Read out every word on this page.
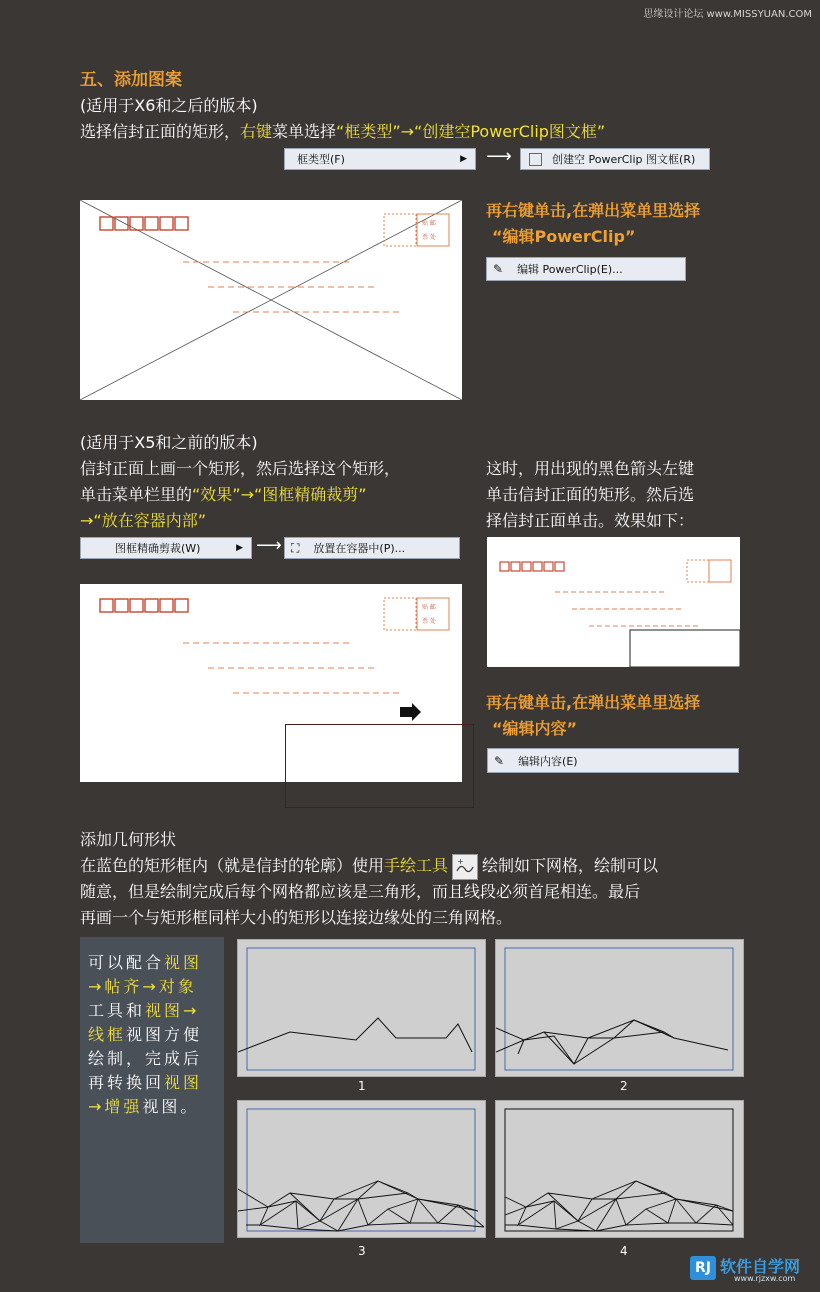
思缘设计论坛 www.MISSYUAN.COM
五、添加图案
(适用于X6和之后的版本)
选择信封正面的矩形，右键菜单选择“框类型”→“创建空PowerClip图文框”
框类型(F)	▶ ⟶	创建空 PowerClip 图文框(R)
贴 邮
票 处
再右键单击,在弹出菜单里选择
“编辑PowerClip”
✎ 编辑 PowerClip(E)...
(适用于X5和之前的版本)
信封正面上画一个矩形，然后选择这个矩形，
单击菜单栏里的“效果”→“图框精确裁剪”
→“放在容器内部”
这时，用出现的黑色箭头左键
单击信封正面的矩形。然后选
择信封正面单击。效果如下：
图框精确剪裁(W)	▶ ⟶ ⛶ 放置在容器中(P)...
贴 邮
票 处
再右键单击,在弹出菜单里选择
“编辑内容”
✎ 编辑内容(E)
添加几何形状
在蓝色的矩形框内（就是信封的轮廓）使用手绘工具 + 绘制如下网格，绘制可以
随意，但是绘制完成后每个网格都应该是三角形，而且线段必须首尾相连。最后
再画一个与矩形框同样大小的矩形以连接边缘处的三角网格。
可以配合视图
→帖齐→对象
工具和视图→
线框视图方便
绘制，完成后
再转换回视图
→增强视图。
1	2
3	4
RJ 软件自学网
www.rjzxw.com
